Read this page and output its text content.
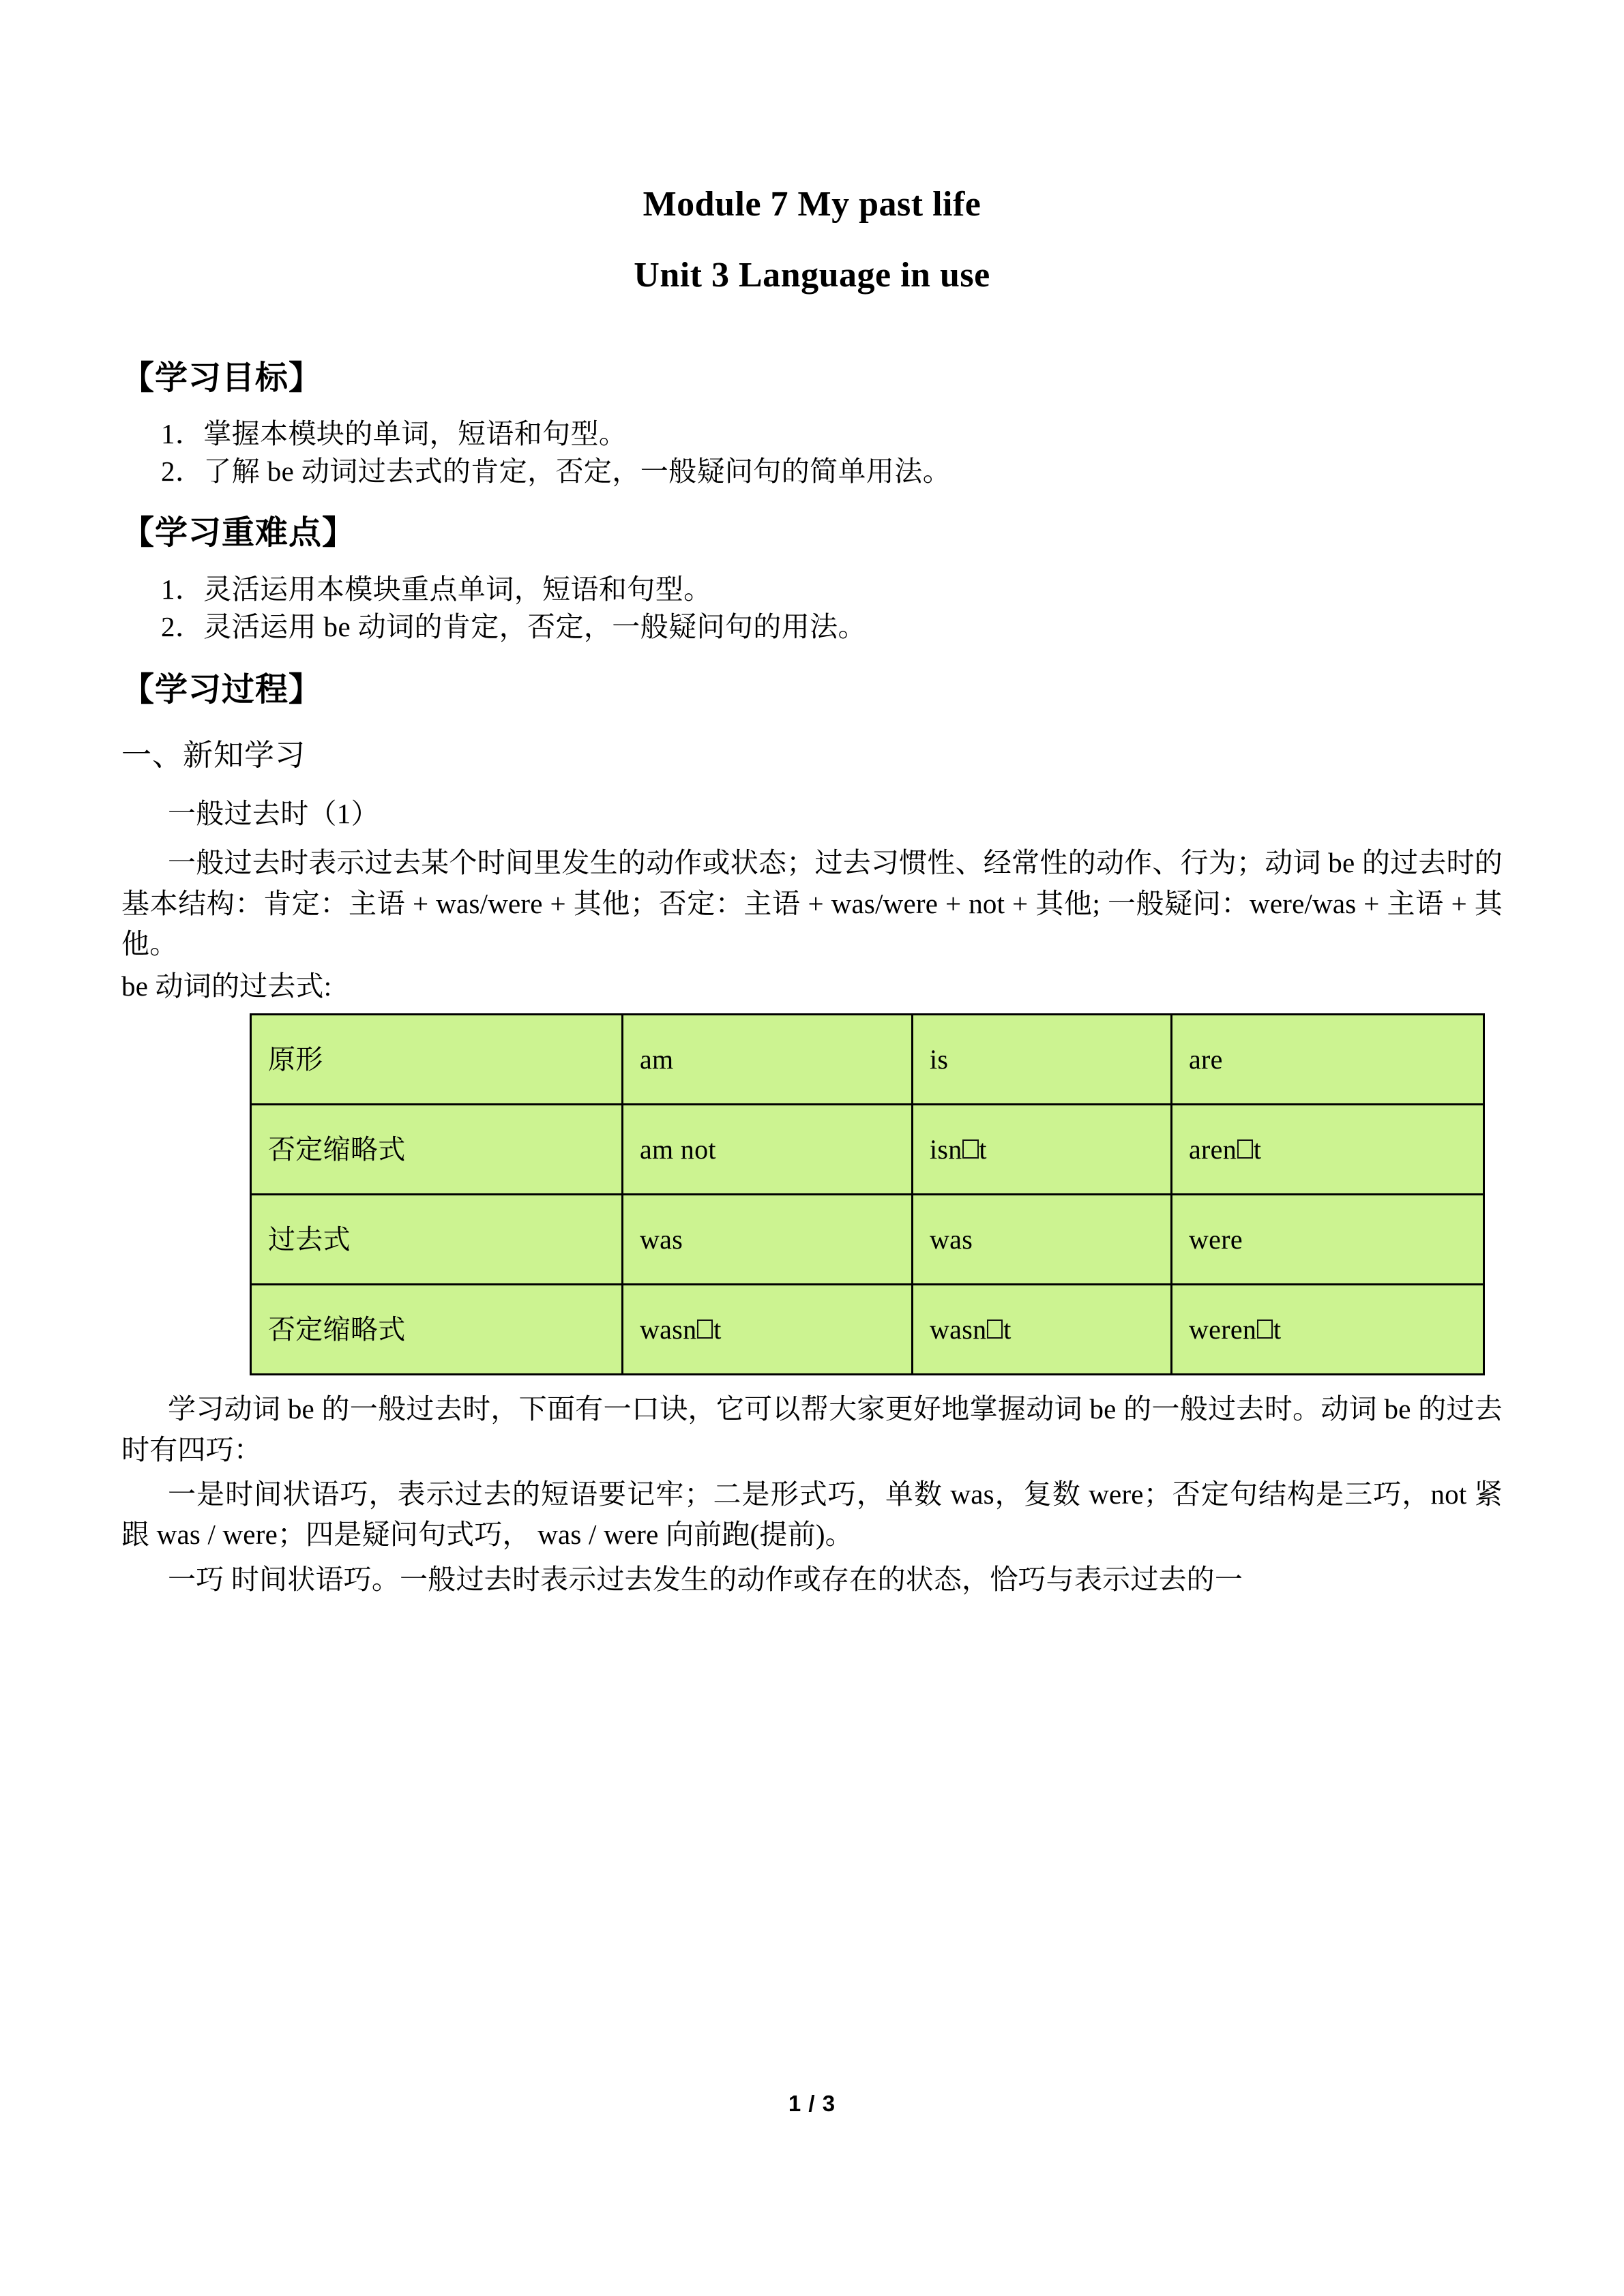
Module 7 My past life
Unit 3 Language in use
【学习目标】

1．掌握本模块的单词，短语和句型。

2．了解 be 动词过去式的肯定，否定，一般疑问句的简单用法。

【学习重难点】

1．灵活运用本模块重点单词，短语和句型。

2．灵活运用 be 动词的肯定，否定，一般疑问句的用法。

【学习过程】

一、新知学习

一般过去时（1）

一般过去时表示过去某个时间里发生的动作或状态；过去习惯性、经常性的动作、行为；动词 be 的过去时的基本结构：肯定：主语 + was/were + 其他；否定：主语 + was/were + not + 其他; 一般疑问：were/was + 主语 + 其他。

be 动词的过去式:

原形	am	is	are
否定缩略式	am not	isn t	aren t
过去式	was	was	were
否定缩略式	wasn t	wasn t	weren t

学习动词 be 的一般过去时，下面有一口诀，它可以帮大家更好地掌握动词 be 的一般过去时。动词 be 的过去时有四巧：

一是时间状语巧，表示过去的短语要记牢；二是形式巧，单数 was，复数 were；否定句结构是三巧，not 紧跟 was / were；四是疑问句式巧， was / were 向前跑(提前)。

一巧 时间状语巧。一般过去时表示过去发生的动作或存在的状态，恰巧与表示过去的一

1 / 3
